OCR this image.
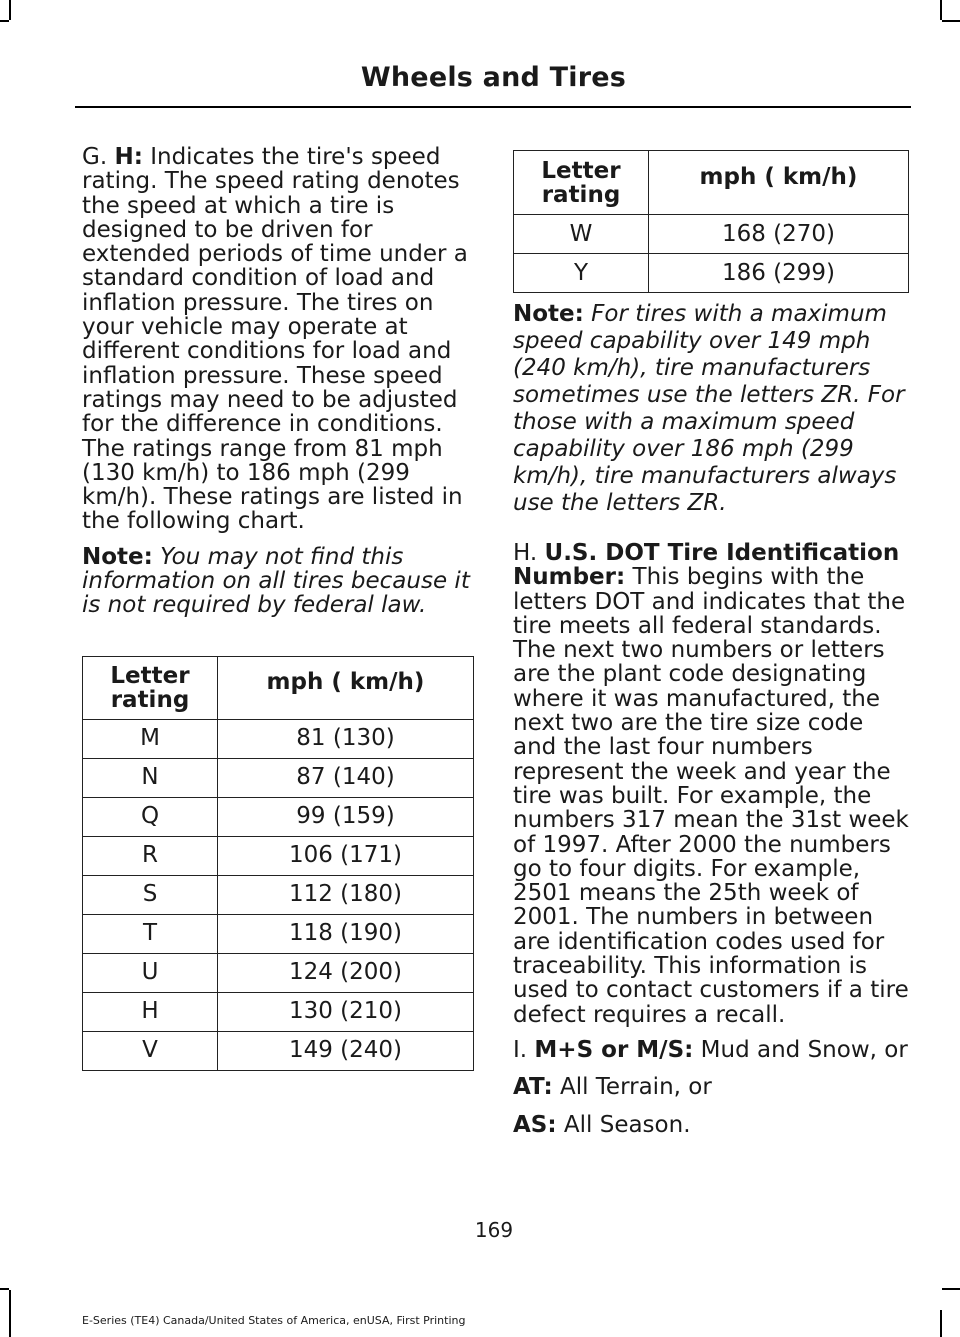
Wheels and Tires

G. H: Indicates the tire's speed rating. The speed rating denotes the speed at which a tire is designed to be driven for extended periods of time under a standard condition of load and inflation pressure. The tires on your vehicle may operate at different conditions for load and inflation pressure. These speed ratings may need to be adjusted for the difference in conditions. The ratings range from 81 mph (130 km/h) to 186 mph (299 km/h). These ratings are listed in the following chart.

Note: You may not find this information on all tires because it is not required by federal law.

Letter rating	mph ( km/h)

M	81 (130)
N	87 (140)
Q	99 (159)
R	106 (171)
S	112 (180)
T	118 (190)
U	124 (200)
H	130 (210)
V	149 (240)
Letter rating	mph ( km/h)

W	168 (270)
Y	186 (299)

Note: For tires with a maximum speed capability over 149 mph (240 km/h), tire manufacturers sometimes use the letters ZR. For those with a maximum speed capability over 186 mph (299 km/h), tire manufacturers always use the letters ZR.

H. U.S. DOT Tire Identification Number: This begins with the letters DOT and indicates that the tire meets all federal standards. The next two numbers or letters are the plant code designating where it was manufactured, the next two are the tire size code and the last four numbers represent the week and year the tire was built. For example, the numbers 317 mean the 31st week of 1997. After 2000 the numbers go to four digits. For example, 2501 means the 25th week of 2001. The numbers in between are identification codes used for traceability. This information is used to contact customers if a tire defect requires a recall.

I. M+S or M/S: Mud and Snow, or

AT: All Terrain, or

AS: All Season.

169
E-Series (TE4) Canada/United States of America, enUSA, First Printing
